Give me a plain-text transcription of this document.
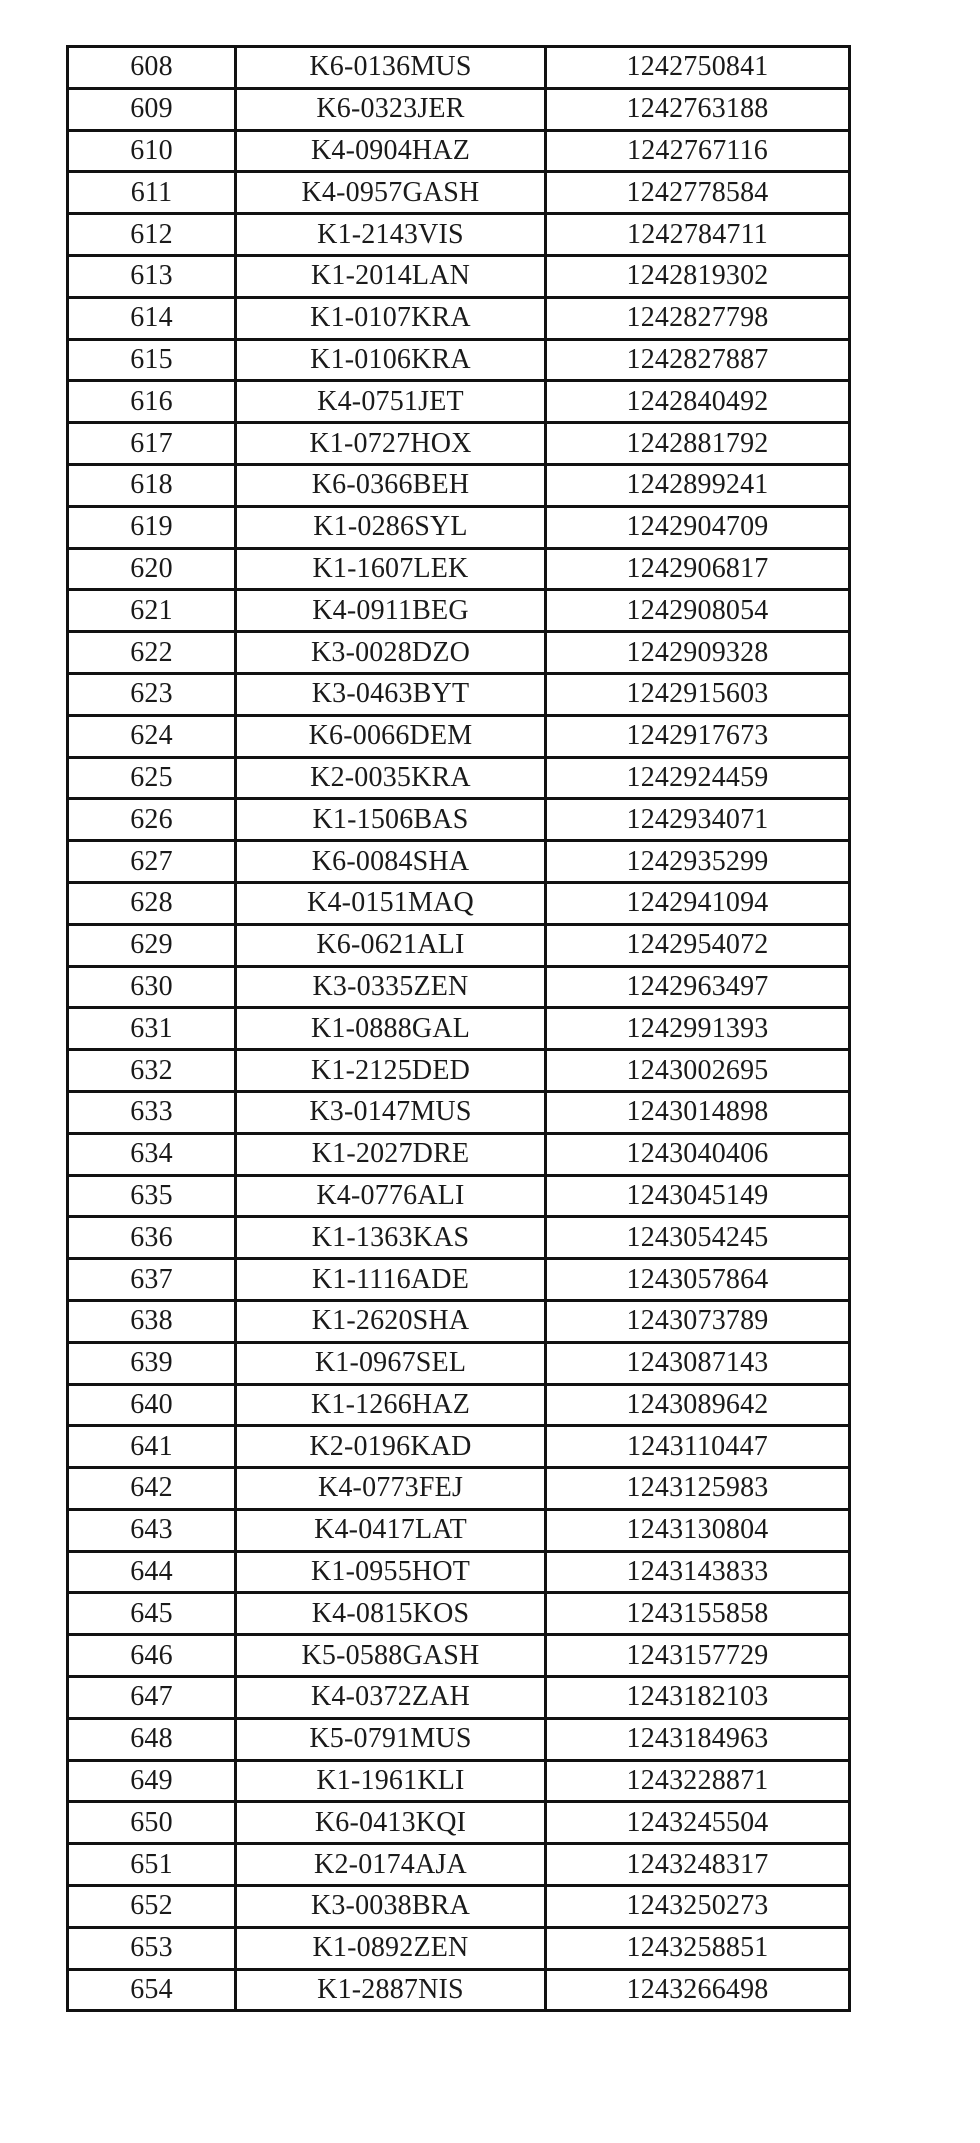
608	K6-0136MUS	1242750841
609	K6-0323JER	1242763188
610	K4-0904HAZ	1242767116
611	K4-0957GASH	1242778584
612	K1-2143VIS	1242784711
613	K1-2014LAN	1242819302
614	K1-0107KRA	1242827798
615	K1-0106KRA	1242827887
616	K4-0751JET	1242840492
617	K1-0727HOX	1242881792
618	K6-0366BEH	1242899241
619	K1-0286SYL	1242904709
620	K1-1607LEK	1242906817
621	K4-0911BEG	1242908054
622	K3-0028DZO	1242909328
623	K3-0463BYT	1242915603
624	K6-0066DEM	1242917673
625	K2-0035KRA	1242924459
626	K1-1506BAS	1242934071
627	K6-0084SHA	1242935299
628	K4-0151MAQ	1242941094
629	K6-0621ALI	1242954072
630	K3-0335ZEN	1242963497
631	K1-0888GAL	1242991393
632	K1-2125DED	1243002695
633	K3-0147MUS	1243014898
634	K1-2027DRE	1243040406
635	K4-0776ALI	1243045149
636	K1-1363KAS	1243054245
637	K1-1116ADE	1243057864
638	K1-2620SHA	1243073789
639	K1-0967SEL	1243087143
640	K1-1266HAZ	1243089642
641	K2-0196KAD	1243110447
642	K4-0773FEJ	1243125983
643	K4-0417LAT	1243130804
644	K1-0955HOT	1243143833
645	K4-0815KOS	1243155858
646	K5-0588GASH	1243157729
647	K4-0372ZAH	1243182103
648	K5-0791MUS	1243184963
649	K1-1961KLI	1243228871
650	K6-0413KQI	1243245504
651	K2-0174AJA	1243248317
652	K3-0038BRA	1243250273
653	K1-0892ZEN	1243258851
654	K1-2887NIS	1243266498
